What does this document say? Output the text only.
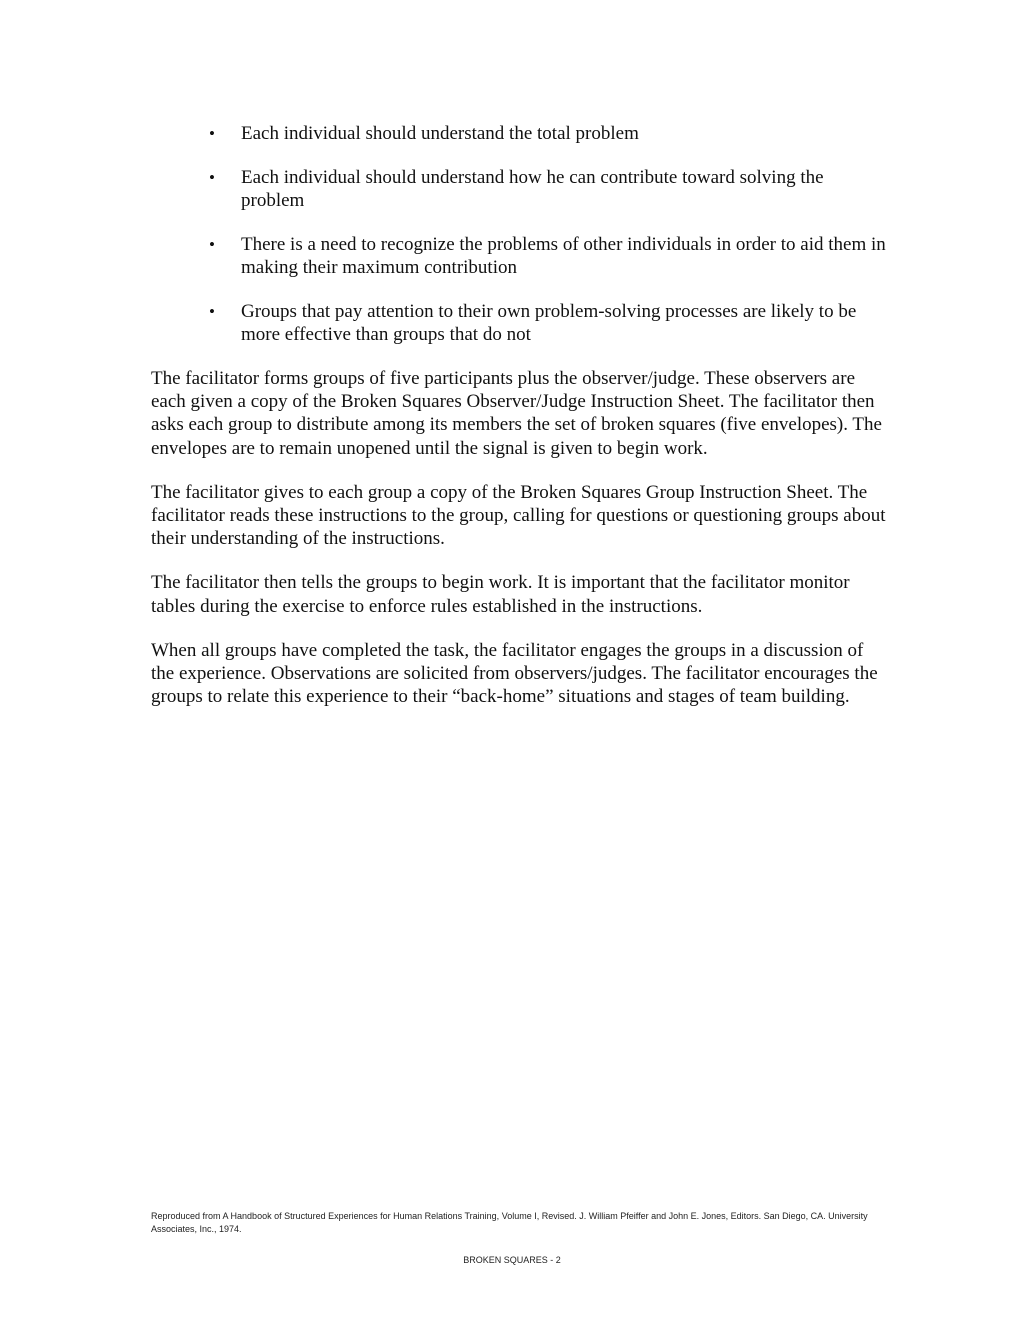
•	Each individual should understand the total problem
•	Each individual should understand how he can contribute toward solving the problem
•	There is a need to recognize the problems of other individuals in order to aid them in making their maximum contribution
•	Groups that pay attention to their own problem-solving processes are likely to be more effective than groups that do not

The facilitator forms groups of five participants plus the observer/judge. These observers are each given a copy of the Broken Squares Observer/Judge Instruction Sheet. The facilitator then asks each group to distribute among its members the set of broken squares (five envelopes). The envelopes are to remain unopened until the signal is given to begin work.

The facilitator gives to each group a copy of the Broken Squares Group Instruction Sheet. The facilitator reads these instructions to the group, calling for questions or questioning groups about their understanding of the instructions.

The facilitator then tells the groups to begin work. It is important that the facilitator monitor tables during the exercise to enforce rules established in the instructions.

When all groups have completed the task, the facilitator engages the groups in a discussion of the experience. Observations are solicited from observers/judges. The facilitator encourages the groups to relate this experience to their “back-home” situations and stages of team building.

Reproduced from A Handbook of Structured Experiences for Human Relations Training, Volume I, Revised. J. William Pfeiffer and John E. Jones, Editors. San Diego, CA. University Associates, Inc., 1974.
BROKEN SQUARES - 2
